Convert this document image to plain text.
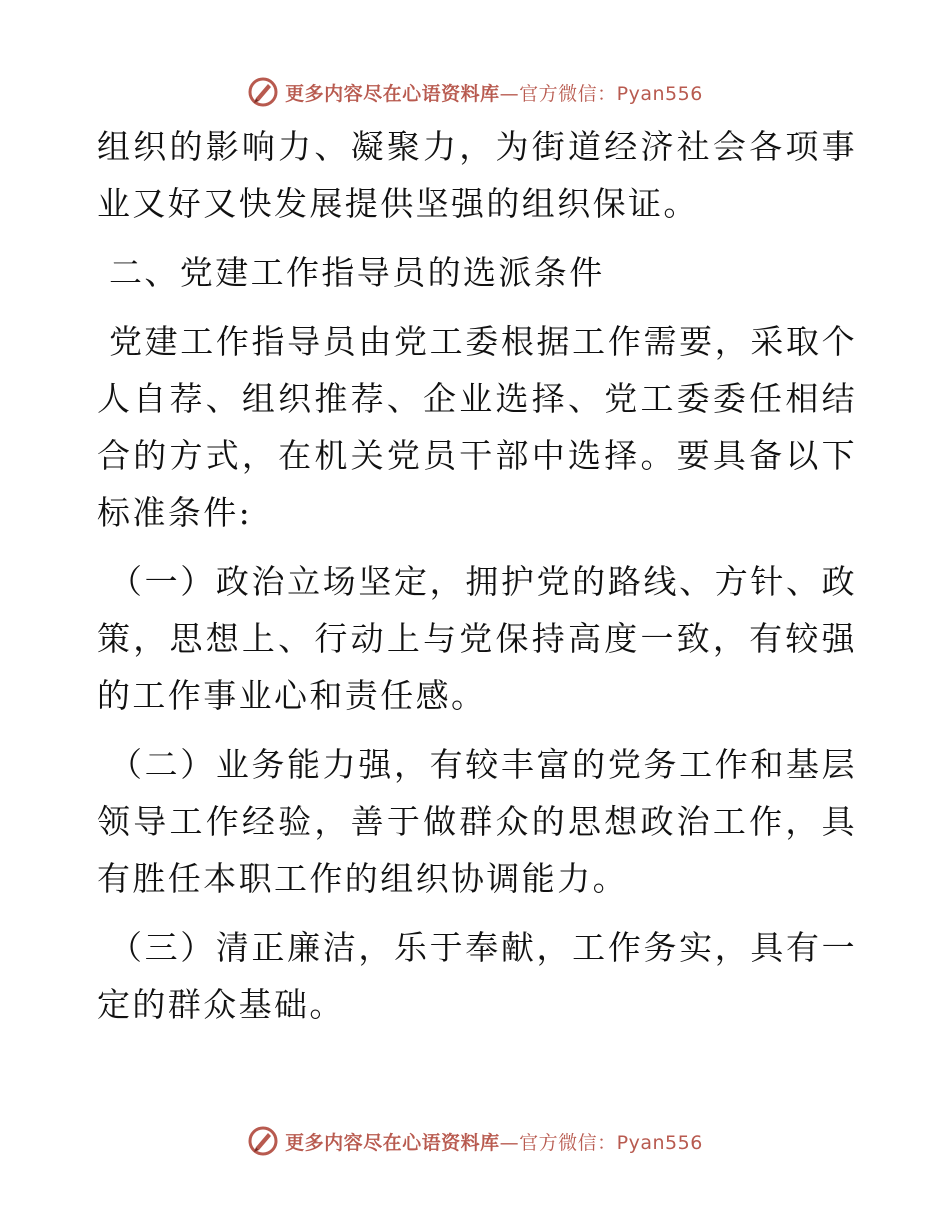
更多内容尽在心语资料库—官方微信：Pyan556

组织的影响力、凝聚力，为街道经济社会各项事业又好又快发展提供坚强的组织保证。

二、党建工作指导员的选派条件

党建工作指导员由党工委根据工作需要，采取个人自荐、组织推荐、企业选择、党工委委任相结合的方式，在机关党员干部中选择。要具备以下标准条件:

（一）政治立场坚定，拥护党的路线、方针、政策，思想上、行动上与党保持高度一致，有较强的工作事业心和责任感。

（二）业务能力强，有较丰富的党务工作和基层领导工作经验，善于做群众的思想政治工作，具有胜任本职工作的组织协调能力。

（三）清正廉洁，乐于奉献，工作务实，具有一定的群众基础。

更多内容尽在心语资料库—官方微信：Pyan556
